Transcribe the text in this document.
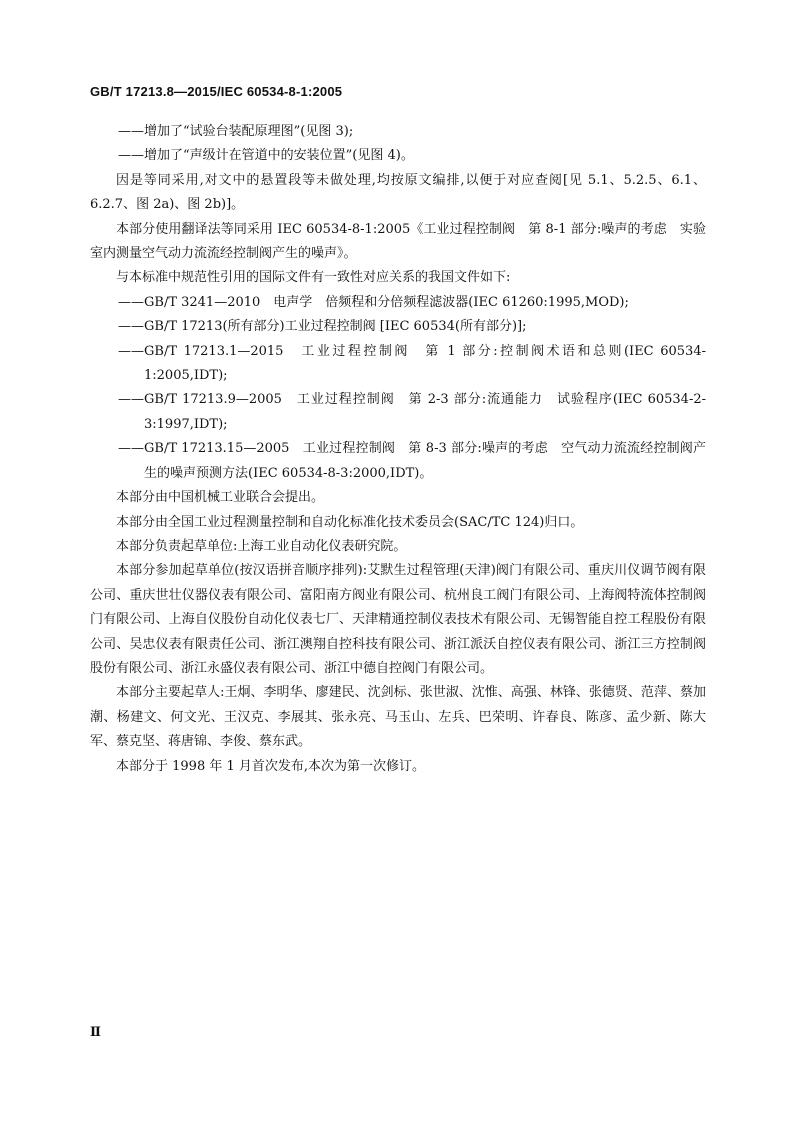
GB/T 17213.8—2015/IEC 60534-8-1:2005

——增加了“试验台装配原理图”(见图 3);

——增加了“声级计在管道中的安装位置”(见图 4)。

因是等同采用,对文中的悬置段等未做处理,均按原文编排,以便于对应查阅[见 5.1、5.2.5、6.1、6.2.7、图 2a)、图 2b)]。

本部分使用翻译法等同采用 IEC 60534-8-1:2005《工业过程控制阀　第 8-1 部分:噪声的考虑　实验室内测量空气动力流流经控制阀产生的噪声》。

与本标准中规范性引用的国际文件有一致性对应关系的我国文件如下:

——GB/T 3241—2010　电声学　倍频程和分倍频程滤波器(IEC 61260:1995,MOD);

——GB/T 17213(所有部分)工业过程控制阀 [IEC 60534(所有部分)];

——GB/T 17213.1—2015　工业过程控制阀　第 1 部分:控制阀术语和总则(IEC 60534-1:2005,IDT);

——GB/T 17213.9—2005　工业过程控制阀　第 2-3 部分:流通能力　试验程序(IEC 60534-2-3:1997,IDT);

——GB/T 17213.15—2005　工业过程控制阀　第 8-3 部分:噪声的考虑　空气动力流流经控制阀产生的噪声预测方法(IEC 60534-8-3:2000,IDT)。

本部分由中国机械工业联合会提出。

本部分由全国工业过程测量控制和自动化标准化技术委员会(SAC/TC 124)归口。

本部分负责起草单位:上海工业自动化仪表研究院。

本部分参加起草单位(按汉语拼音顺序排列):艾默生过程管理(天津)阀门有限公司、重庆川仪调节阀有限公司、重庆世壮仪器仪表有限公司、富阳南方阀业有限公司、杭州良工阀门有限公司、上海阀特流体控制阀门有限公司、上海自仪股份自动化仪表七厂、天津精通控制仪表技术有限公司、无锡智能自控工程股份有限公司、吴忠仪表有限责任公司、浙江澳翔自控科技有限公司、浙江派沃自控仪表有限公司、浙江三方控制阀股份有限公司、浙江永盛仪表有限公司、浙江中德自控阀门有限公司。

本部分主要起草人:王炯、李明华、廖建民、沈剑标、张世淑、沈惟、高强、林锋、张德贤、范萍、蔡加潮、杨建文、何文光、王汉克、李展其、张永亮、马玉山、左兵、巴荣明、许春良、陈彦、孟少新、陈大军、蔡克坚、蒋唐锦、李俊、蔡东武。

本部分于 1998 年 1 月首次发布,本次为第一次修订。

Ⅱ
